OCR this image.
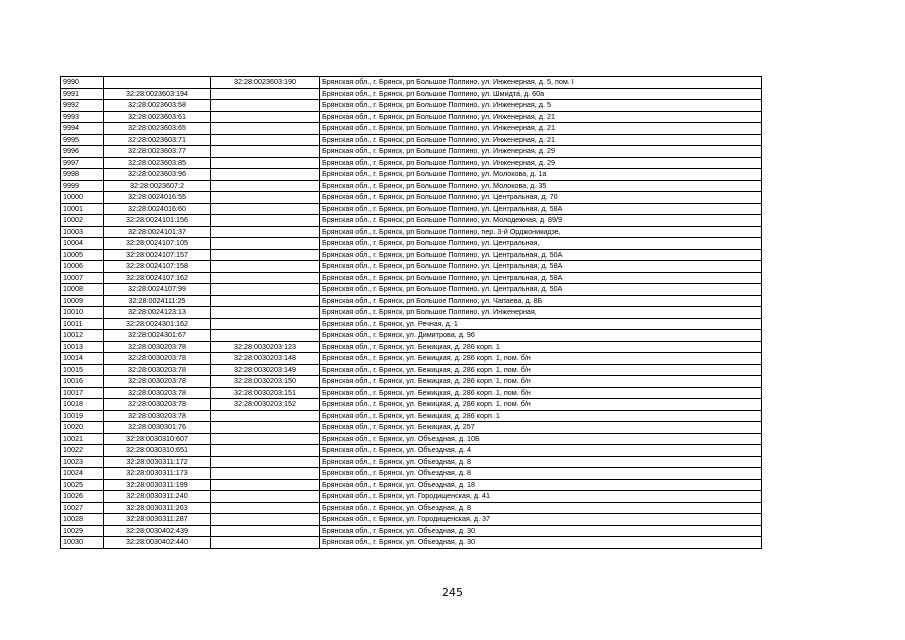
9990		32:28:0023603:190	Брянская обл., г. Брянск, рп Большое Полпино, ул. Инженерная, д. 5, пом. I
9991	32:28:0023603:194		Брянская обл., г. Брянск, рп Большое Полпино, ул. Шмидта, д. 60а
9992	32:28:0023603:58		Брянская обл., г. Брянск, рп Большое Полпино, ул. Инженерная, д. 5
9993	32:28:0023603:61		Брянская обл., г. Брянск, рп Большое Полпино, ул. Инженерная, д. 21
9994	32:28:0023603:65		Брянская обл., г. Брянск, рп Большое Полпино, ул. Инженерная, д. 21
9995	32:28:0023603:71		Брянская обл., г. Брянск, рп Большое Полпино, ул. Инженерная, д. 21
9996	32:28:0023603:77		Брянская обл., г. Брянск, рп Большое Полпино, ул. Инженерная, д. 29
9997	32:28:0023603:85		Брянская обл., г. Брянск, рп Большое Полпино, ул. Инженерная, д. 29
9998	32:28:0023603:96		Брянская обл., г. Брянск, рп Большое Полпино, ул. Молокова, д. 1а
9999	32:28:0023607:2		Брянская обл., г. Брянск, рп Большое Полпино, ул. Молокова, д. 35
10000	32:28:0024016:55		Брянская обл., г. Брянск, рп Большое Полпино, ул. Центральная, д. 70
10001	32:28:0024016:60		Брянская обл., г. Брянск, рп Большое Полпино, ул. Центральная, д. 58А
10002	32:28:0024101:156		Брянская обл., г. Брянск, рп Большое Полпино, ул. Молодежная, д. 89/9
10003	32:28:0024101:37		Брянская обл., г. Брянск, рп Большое Полпино, пер. 3-й Орджоникидзе,
10004	32:28:0024107:105		Брянская обл., г. Брянск, рп Большое Полпино, ул. Центральная,
10005	32:28:0024107:157		Брянская обл., г. Брянск, рп Большое Полпино, ул. Центральная, д. 50А
10006	32:28:0024107:158		Брянская обл., г. Брянск, рп Большое Полпино, ул. Центральная, д. 58А
10007	32:28:0024107:162		Брянская обл., г. Брянск, рп Большое Полпино, ул. Центральная, д. 58А
10008	32:28:0024107:99		Брянская обл., г. Брянск, рп Большое Полпино, ул. Центральная, д. 50А
10009	32:28:0024111:25		Брянская обл., г. Брянск, рп Большое Полпино, ул. Чапаева, д. 8Б
10010	32:28:0024123:13		Брянская обл., г. Брянск, рп Большое Полпино, ул. Инженерная,
10011	32:28:0024301:162		Брянская обл., г. Брянск, ул. Речная, д. 1
10012	32:28:0024301:67		Брянская обл., г. Брянск, ул. Димитрова, д. 96
10013	32:28:0030203:78	32:28:0030203:123	Брянская обл., г. Брянск, ул. Бежицкая, д. 286 корп. 1
10014	32:28:0030203:78	32:28:0030203:148	Брянская обл., г. Брянск, ул. Бежицкая, д. 286 корп. 1, пом. б/н
10015	32:28:0030203:78	32:28:0030203:149	Брянская обл., г. Брянск, ул. Бежицкая, д. 286 корп. 1, пом. б/н
10016	32:28:0030203:78	32:28:0030203:150	Брянская обл., г. Брянск, ул. Бежицкая, д. 286 корп. 1, пом. б/н
10017	32:28:0030203:78	32:28:0030203:151	Брянская обл., г. Брянск, ул. Бежицкая, д. 286 корп. 1, пом. б/н
10018	32:28:0030203:78	32:28:0030203:152	Брянская обл., г. Брянск, ул. Бежицкая, д. 286 корп. 1, пом. б/н
10019	32:28:0030203:78		Брянская обл., г. Брянск, ул. Бежицкая, д. 286 корп. 1
10020	32:28:0030301:76		Брянская обл., г. Брянск, ул. Бежицкая, д. 257
10021	32:28:0030310:607		Брянская обл., г. Брянск, ул. Объездная, д. 10Б
10022	32:28:0030310:651		Брянская обл., г. Брянск, ул. Объездная, д. 4
10023	32:28:0030311:172		Брянская обл., г. Брянск, ул. Объездная, д. 8
10024	32:28:0030311:173		Брянская обл., г. Брянск, ул. Объездная, д. 8
10025	32:28:0030311:199		Брянская обл., г. Брянск, ул. Объездная, д. 18
10026	32:28:0030311:240		Брянская обл., г. Брянск, ул. Городищенская, д. 41
10027	32:28:0030311:263		Брянская обл., г. Брянск, ул. Объездная, д. 8
10028	32:28:0030311:287		Брянская обл., г. Брянск, ул. Городищенская, д. 37
10029	32:28:0030402:439		Брянская обл., г. Брянск, ул. Объездная, д. 30
10030	32:28:0030402:440		Брянская обл., г. Брянск, ул. Объездная, д. 30
245
